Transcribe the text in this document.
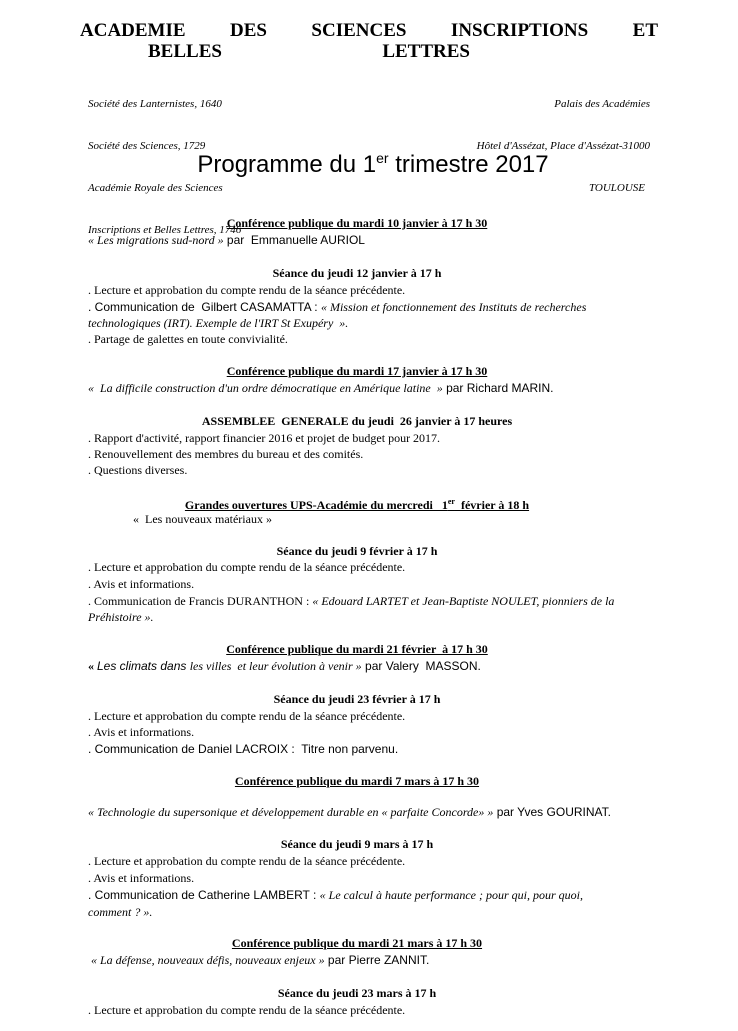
ACADEMIE DES SCIENCES INSCRIPTIONS ET
BELLES LETTRES

Société des Lanternistes, 1640

Société des Sciences, 1729

Académie Royale des Sciences

Inscriptions et Belles Lettres, 1746

Palais des Académies

Hôtel d'Assézat, Place d'Assézat-31000

TOULOUSE

Programme du 1er trimestre 2017
Conférence publique du mardi 10 janvier à 17 h 30
« Les migrations sud-nord » par  Emmanuelle AURIOL
Séance du jeudi 12 janvier à 17 h
. Lecture et approbation du compte rendu de la séance précédente.
. Communication de  Gilbert CASAMATTA : « Mission et fonctionnement des Instituts de recherches
technologiques (IRT). Exemple de l'IRT St Exupéry  ».
. Partage de galettes en toute convivialité.
Conférence publique du mardi 17 janvier à 17 h 30
«  La difficile construction d'un ordre démocratique en Amérique latine  » par Richard MARIN.
ASSEMBLEE  GENERALE du jeudi  26 janvier à 17 heures
. Rapport d'activité, rapport financier 2016 et projet de budget pour 2017.
. Renouvellement des membres du bureau et des comités.
. Questions diverses.
Grandes ouvertures UPS-Académie du mercredi   1er  février à 18 h
«  Les nouveaux matériaux »
Séance du jeudi 9 février à 17 h
. Lecture et approbation du compte rendu de la séance précédente.
. Avis et informations.
. Communication de Francis DURANTHON : « Edouard LARTET et Jean-Baptiste NOULET, pionniers de la
Préhistoire ».
Conférence publique du mardi 21 février  à 17 h 30
« Les climats dans les villes  et leur évolution à venir » par Valery  MASSON.
Séance du jeudi 23 février à 17 h
. Lecture et approbation du compte rendu de la séance précédente.
. Avis et informations.
. Communication de Daniel LACROIX :  Titre non parvenu.
Conférence publique du mardi 7 mars à 17 h 30
« Technologie du supersonique et développement durable en « parfaite Concorde» » par Yves GOURINAT.
Séance du jeudi 9 mars à 17 h
. Lecture et approbation du compte rendu de la séance précédente.
. Avis et informations.
. Communication de Catherine LAMBERT : « Le calcul à haute performance ; pour qui, pour quoi,
comment ? ».
Conférence publique du mardi 21 mars à 17 h 30
« La défense, nouveaux défis, nouveaux enjeux » par Pierre ZANNIT.
Séance du jeudi 23 mars à 17 h
. Lecture et approbation du compte rendu de la séance précédente.
